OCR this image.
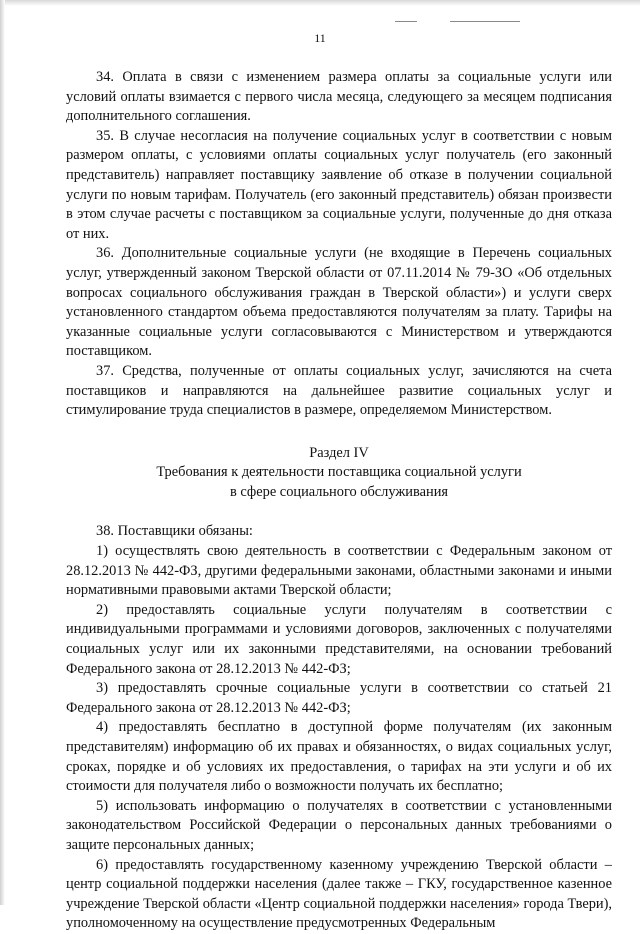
11

34. Оплата в связи с изменением размера оплаты за социальные услуги или условий оплаты взимается с первого числа месяца, следующего за месяцем подписания дополнительного соглашения.

35. В случае несогласия на получение социальных услуг в соответствии с новым размером оплаты, с условиями оплаты социальных услуг получатель (его законный представитель) направляет поставщику заявление об отказе в получении социальной услуги по новым тарифам. Получатель (его законный представитель) обязан произвести в этом случае расчеты с поставщиком за социальные услуги, полученные до дня отказа от них.

36. Дополнительные социальные услуги (не входящие в Перечень социальных услуг, утвержденный законом Тверской области от 07.11.2014 № 79-ЗО «Об отдельных вопросах социального обслуживания граждан в Тверской области») и услуги сверх установленного стандартом объема предоставляются получателям за плату. Тарифы на указанные социальные услуги согласовываются с Министерством и утверждаются поставщиком.

37. Средства, полученные от оплаты социальных услуг, зачисляются на счета поставщиков и направляются на дальнейшее развитие социальных услуг и стимулирование труда специалистов в размере, определяемом Министерством.

Раздел IV
Требования к деятельности поставщика социальной услуги
в сфере социального обслуживания

38. Поставщики обязаны:

1) осуществлять свою деятельность в соответствии с Федеральным законом от 28.12.2013 № 442-ФЗ, другими федеральными законами, областными законами и иными нормативными правовыми актами Тверской области;

2) предоставлять социальные услуги получателям в соответствии с индивидуальными программами и условиями договоров, заключенных с получателями социальных услуг или их законными представителями, на основании требований Федерального закона от 28.12.2013 № 442-ФЗ;

3) предоставлять срочные социальные услуги в соответствии со статьей 21 Федерального закона от 28.12.2013 № 442-ФЗ;

4) предоставлять бесплатно в доступной форме получателям (их законным представителям) информацию об их правах и обязанностях, о видах социальных услуг, сроках, порядке и об условиях их предоставления, о тарифах на эти услуги и об их стоимости для получателя либо о возможности получать их бесплатно;

5) использовать информацию о получателях в соответствии с установленными законодательством Российской Федерации о персональных данных требованиями о защите персональных данных;

6) предоставлять государственному казенному учреждению Тверской области – центр социальной поддержки населения (далее также – ГКУ, государственное казенное учреждение Тверской области «Центр социальной поддержки населения» города Твери), уполномоченному на осуществление предусмотренных Федеральным
